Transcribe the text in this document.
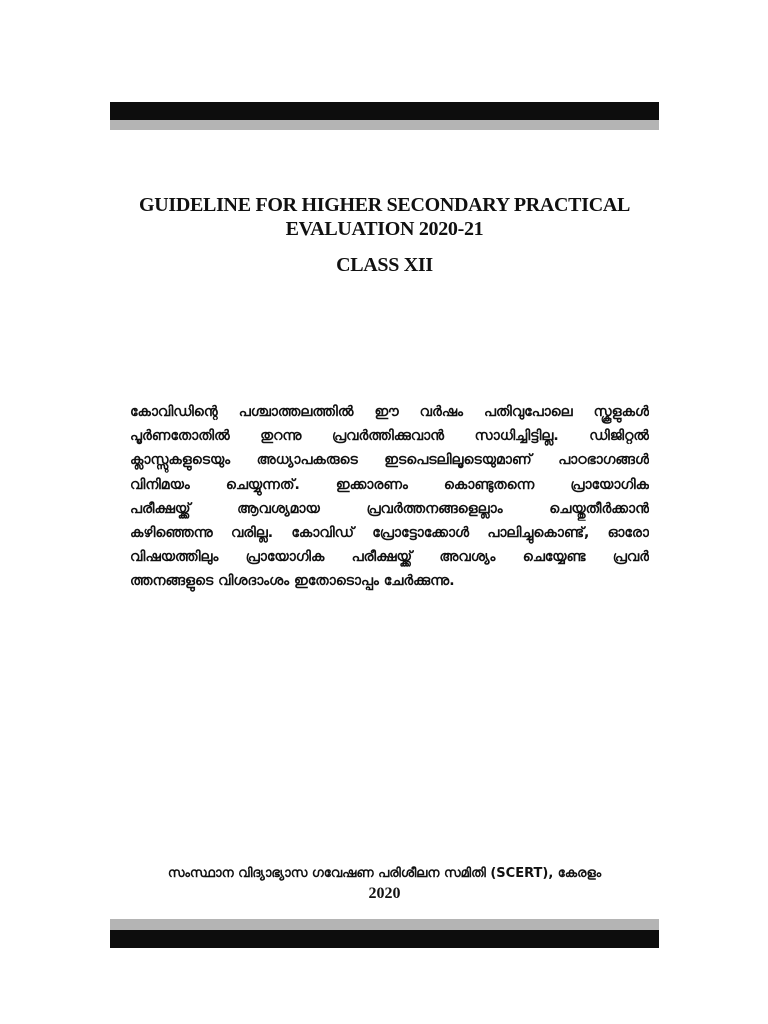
GUIDELINE FOR HIGHER SECONDARY PRACTICAL
EVALUATION 2020-21
CLASS XII

കോവിഡിന്റെ പശ്ചാത്തലത്തിൽ ഈ വർഷം പതിവുപോലെ സ്കൂളുകൾ
പൂർണതോതിൽ തുറന്നു പ്രവർത്തിക്കുവാൻ സാധിച്ചിട്ടില്ല. ഡിജിറ്റൽ
ക്ലാസ്സുകളുടെയും അധ്യാപകരുടെ ഇടപെടലിലൂടെയുമാണ് പാഠഭാഗങ്ങൾ
വിനിമയം ചെയ്യുന്നത്. ഇക്കാരണം കൊണ്ടുതന്നെ പ്രായോഗിക
പരീക്ഷയ്ക്ക് ആവശ്യമായ പ്രവർത്തനങ്ങളെല്ലാം ചെയ്തുതീർക്കാൻ
കഴിഞ്ഞെന്നു വരില്ല. കോവിഡ് പ്രോട്ടോക്കോൾ പാലിച്ചുകൊണ്ട്, ഓരോ
വിഷയത്തിലും പ്രായോഗിക പരീക്ഷയ്ക്ക് അവശ്യം ചെയ്യേണ്ട പ്രവർ
ത്തനങ്ങളുടെ വിശദാംശം ഇതോടൊപ്പം ചേർക്കുന്നു.

സംസ്ഥാന വിദ്യാഭ്യാസ ഗവേഷണ പരിശീലന സമിതി (SCERT), കേരളം

2020
